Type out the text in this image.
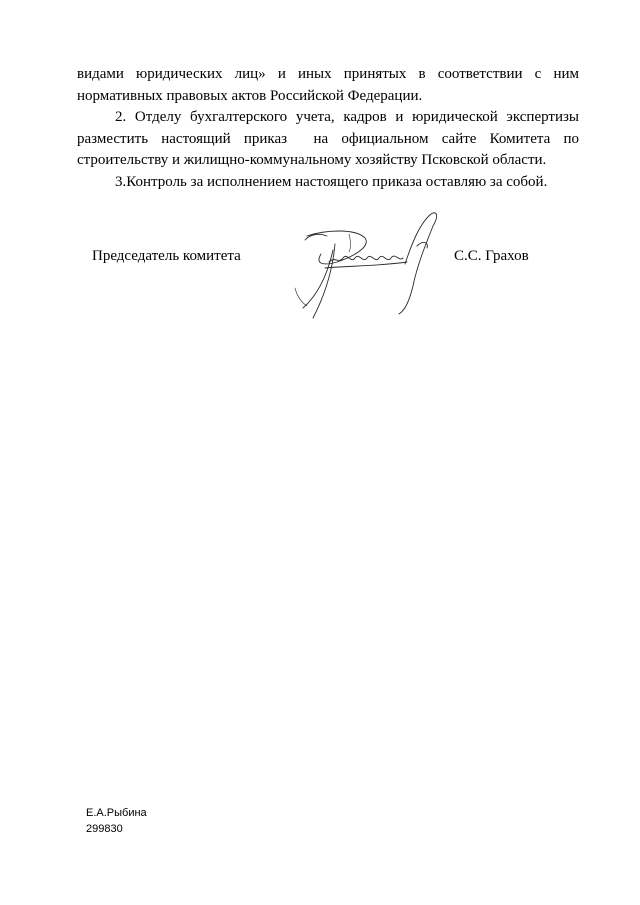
видами юридических лиц» и иных принятых в соответствии с ним
нормативных правовых актов Российской Федерации.

2. Отделу бухгалтерского учета, кадров и юридической экспертизы
разместить настоящий приказ  на официальном сайте Комитета по
строительству и жилищно-коммунальному хозяйству Псковской области.

3.Контроль за исполнением настоящего приказа оставляю за собой.

Председатель комитета	С.С. Грахов
Е.А.Рыбина
299830
